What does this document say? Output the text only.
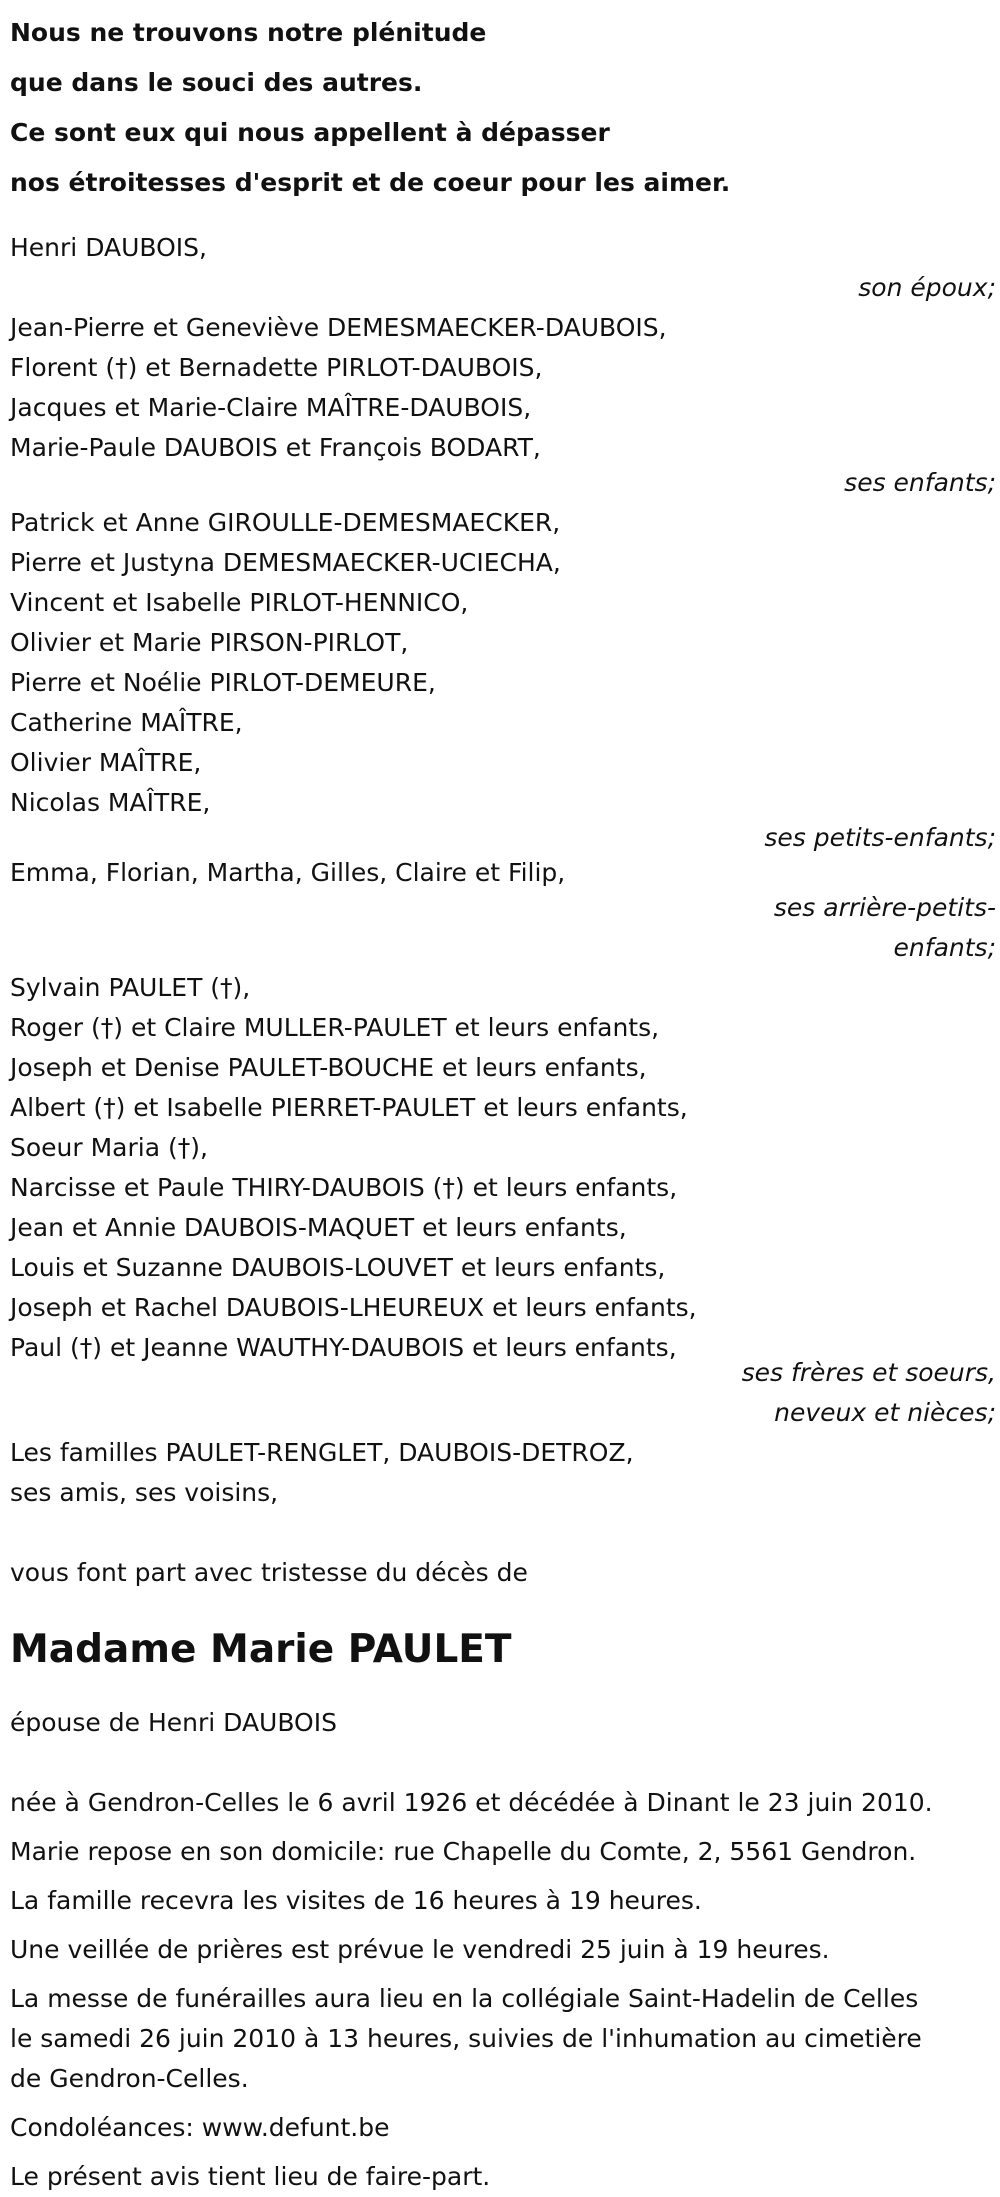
Nous ne trouvons notre plénitude
que dans le souci des autres.
Ce sont eux qui nous appellent à dépasser
nos étroitesses d'esprit et de coeur pour les aimer.
Henri DAUBOIS,
son époux;
Jean-Pierre et Geneviève DEMESMAECKER-DAUBOIS,
Florent (†) et Bernadette PIRLOT-DAUBOIS,
Jacques et Marie-Claire MAÎTRE-DAUBOIS,
Marie-Paule DAUBOIS et François BODART,
ses enfants;
Patrick et Anne GIROULLE-DEMESMAECKER,
Pierre et Justyna DEMESMAECKER-UCIECHA,
Vincent et Isabelle PIRLOT-HENNICO,
Olivier et Marie PIRSON-PIRLOT,
Pierre et Noélie PIRLOT-DEMEURE,
Catherine MAÎTRE,
Olivier MAÎTRE,
Nicolas MAÎTRE,
ses petits-enfants;
Emma, Florian, Martha, Gilles, Claire et Filip,
ses arrière-petits-
enfants;
Sylvain PAULET (†),
Roger (†) et Claire MULLER-PAULET et leurs enfants,
Joseph et Denise PAULET-BOUCHE et leurs enfants,
Albert (†) et Isabelle PIERRET-PAULET et leurs enfants,
Soeur Maria (†),
Narcisse et Paule THIRY-DAUBOIS (†) et leurs enfants,
Jean et Annie DAUBOIS-MAQUET et leurs enfants,
Louis et Suzanne DAUBOIS-LOUVET et leurs enfants,
Joseph et Rachel DAUBOIS-LHEUREUX et leurs enfants,
Paul (†) et Jeanne WAUTHY-DAUBOIS et leurs enfants,
ses frères et soeurs,
neveux et nièces;
Les familles PAULET-RENGLET, DAUBOIS-DETROZ,
ses amis, ses voisins,
vous font part avec tristesse du décès de
Madame Marie PAULET
épouse de Henri DAUBOIS
née à Gendron-Celles le 6 avril 1926 et décédée à Dinant le 23 juin 2010.
Marie repose en son domicile: rue Chapelle du Comte, 2, 5561 Gendron.
La famille recevra les visites de 16 heures à 19 heures.
Une veillée de prières est prévue le vendredi 25 juin à 19 heures.
La messe de funérailles aura lieu en la collégiale Saint-Hadelin de Celles
le samedi 26 juin 2010 à 13 heures, suivies de l'inhumation au cimetière
de Gendron-Celles.
Condoléances: www.defunt.be
Le présent avis tient lieu de faire-part.
